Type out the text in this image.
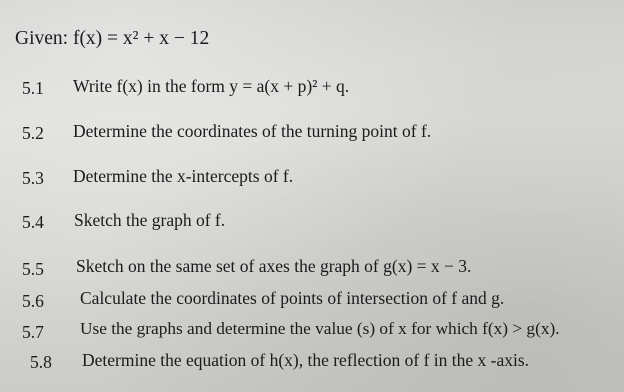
Given: f(x) = x² + x − 12
5.1 Write f(x) in the form y = a(x + p)² + q.
5.2 Determine the coordinates of the turning point of f.
5.3 Determine the x-intercepts of f.
5.4 Sketch the graph of f.
5.5 Sketch on the same set of axes the graph of g(x) = x − 3.
5.6 Calculate the coordinates of points of intersection of f and g.
5.7 Use the graphs and determine the value (s) of x for which f(x) > g(x).
5.8 Determine the equation of h(x), the reflection of f in the x -axis.
